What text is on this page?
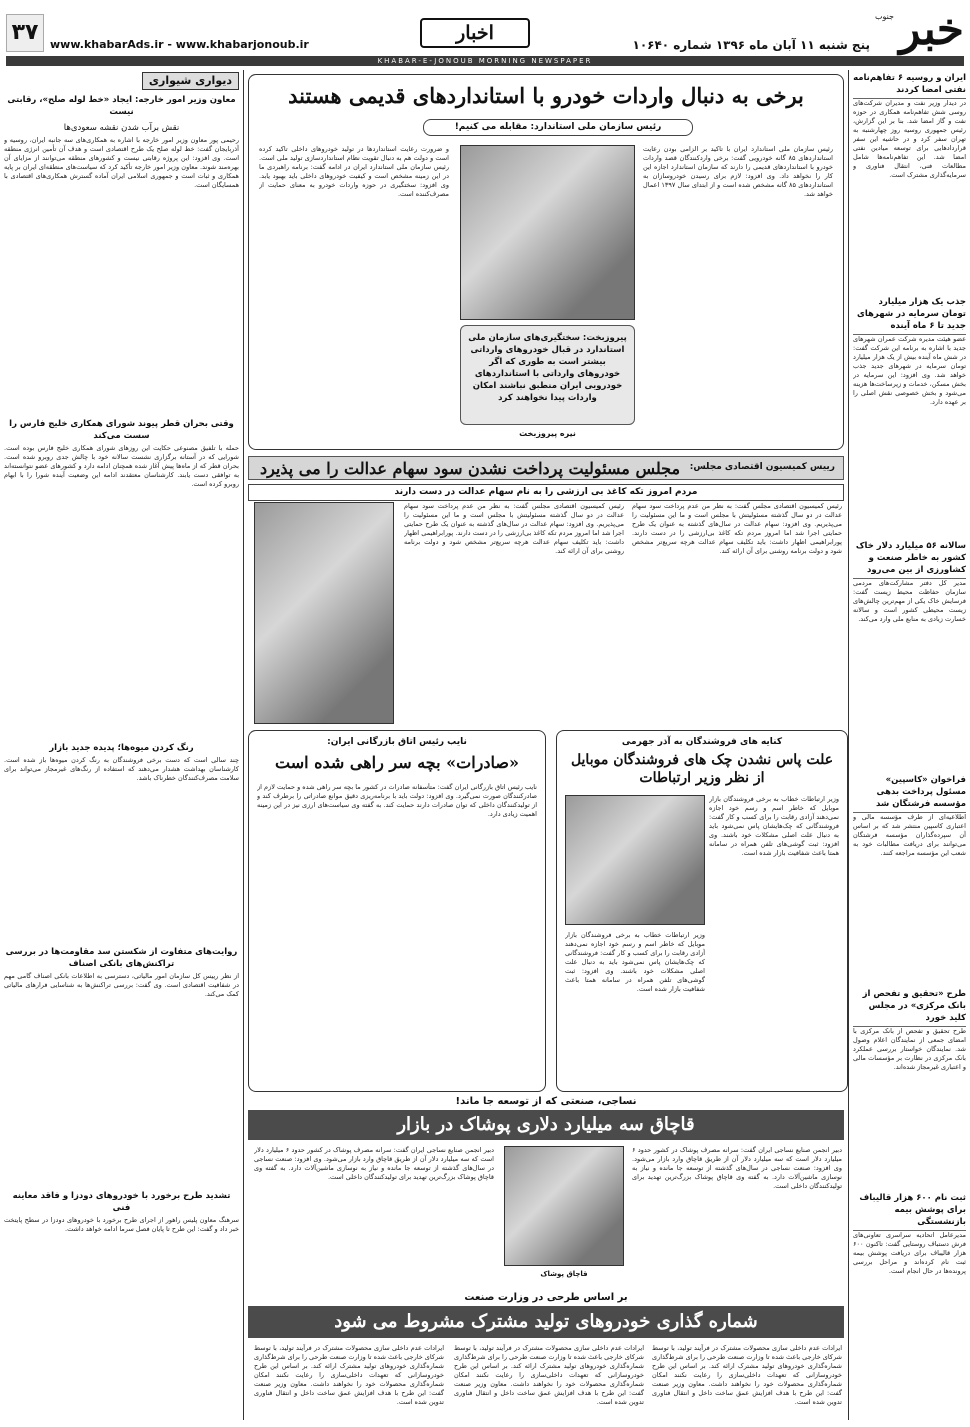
جنوب خبر
پنج شنبه ۱۱ آبان ماه ۱۳۹۶ شماره ۱۰۶۴۰
اخبار
www.khabarAds.ir - www.khabarjonoub.ir
۳۷
KHABAR-E-JONOUB MORNING NEWSPAPER
ایران و روسیه ۶ تفاهم‌نامه نفتی امضا کردند
در دیدار وزیر نفت و مدیران شرکت‌های روسی شش تفاهم‌نامه همکاری در حوزه نفت و گاز امضا شد. بنا بر این گزارش، رئیس جمهوری روسیه روز چهارشنبه به تهران سفر کرد و در حاشیه این سفر قراردادهایی برای توسعه میادین نفتی امضا شد. این تفاهم‌نامه‌ها شامل مطالعات فنی، انتقال فناوری و سرمایه‌گذاری مشترک است.
جذب یک هزار میلیارد تومان سرمایه در شهرهای جدید تا ۶ ماه آینده
عضو هیئت مدیره شرکت عمران شهرهای جدید با اشاره به برنامه این شرکت گفت: در شش ماه آینده بیش از یک هزار میلیارد تومان سرمایه در شهرهای جدید جذب خواهد شد. وی افزود: این سرمایه در بخش مسکن، خدمات و زیرساخت‌ها هزینه می‌شود و بخش خصوصی نقش اصلی را بر عهده دارد.
سالانه ۵۶ میلیارد دلار خاک کشور به خاطر صنعت و کشاورزی از بین می‌رود
مدیر کل دفتر مشارکت‌های مردمی سازمان حفاظت محیط زیست گفت: فرسایش خاک یکی از مهم‌ترین چالش‌های زیست محیطی کشور است و سالانه خسارت زیادی به منابع ملی وارد می‌کند.
فراخوان «کاسپین» مسئول پرداخت بدهی مؤسسه فرشتگان شد
اطلاعیه‌ای از طرف مؤسسه مالی و اعتباری کاسپین منتشر شد که بر اساس آن سپرده‌گذاران مؤسسه فرشتگان می‌توانند برای دریافت مطالبات خود به شعب این مؤسسه مراجعه کنند.
طرح «تحقیق و تفحص از بانک مرکزی» در مجلس کلید خورد
طرح تحقیق و تفحص از بانک مرکزی با امضای جمعی از نمایندگان اعلام وصول شد. نمایندگان خواستار بررسی عملکرد بانک مرکزی در نظارت بر مؤسسات مالی و اعتباری غیرمجاز شده‌اند.
ثبت نام ۶۰۰ هزار قالیباف برای پوشش بیمه بازنشستگی
مدیرعامل اتحادیه سراسری تعاونی‌های فرش دستباف روستایی گفت: تاکنون ۶۰۰ هزار قالیباف برای دریافت پوشش بیمه ثبت نام کرده‌اند و مراحل بررسی پرونده‌ها در حال انجام است.
دیواری شیواری
معاون وزیر امور خارجه: ایجاد «خط لوله صلح»، رقابتی نیست
نقش برآب شدن نقشه سعودی‌ها
رحیمی پور معاون وزیر امور خارجه با اشاره به همکاری‌های سه جانبه ایران، روسیه و آذربایجان گفت: خط لوله صلح یک طرح اقتصادی است و هدف آن تأمین انرژی منطقه است. وی افزود: این پروژه رقابتی نیست و کشورهای منطقه می‌توانند از مزایای آن بهره‌مند شوند. معاون وزیر امور خارجه تأکید کرد که سیاست‌های منطقه‌ای ایران بر پایه همکاری و ثبات است و جمهوری اسلامی ایران آماده گسترش همکاری‌های اقتصادی با همسایگان است.
وقتی بحران قطر پیوند شورای همکاری خلیج فارس را سست می‌کند
حمله با تلفیق مصنوعی حکایت این روزهای شورای همکاری خلیج فارس بوده است. شورایی که در آستانه برگزاری نشست سالانه خود با چالش جدی روبرو شده است. بحران قطر که از ماه‌ها پیش آغاز شده همچنان ادامه دارد و کشورهای عضو نتوانسته‌اند به توافقی دست یابند. کارشناسان معتقدند ادامه این وضعیت آینده شورا را با ابهام روبرو کرده است.
رنگ کردن میوه‌ها؛ پدیده جدید بازار
چند سالی است که دست برخی فروشندگان به رنگ کردن میوه‌ها باز شده است. کارشناسان بهداشت هشدار می‌دهند که استفاده از رنگ‌های غیرمجاز می‌تواند برای سلامت مصرف‌کنندگان خطرناک باشد.
روایت‌های متفاوت از شکستن سد مقاومت‌ها در بررسی تراکنش‌های بانکی اصناف
از نظر رییس کل سازمان امور مالیاتی، دسترسی به اطلاعات بانکی اصناف گامی مهم در شفافیت اقتصادی است. وی گفت: بررسی تراکنش‌ها به شناسایی فرارهای مالیاتی کمک می‌کند.
تشدید طرح برخورد با خودروهای دودزا و فاقد معاینه فنی
سرهنگ معاون پلیس راهور از اجرای طرح برخورد با خودروهای دودزا در سطح پایتخت خبر داد و گفت: این طرح تا پایان فصل سرما ادامه خواهد داشت.
برخی به دنبال واردات خودرو با استانداردهای قدیمی هستند
رئیس سازمان ملی استاندارد: مقابله می کنیم!
رئیس سازمان ملی استاندارد ایران با تاکید بر الزامی بودن رعایت استانداردهای ۸۵ گانه خودرویی گفت: برخی واردکنندگان قصد واردات خودرو با استانداردهای قدیمی را دارند که سازمان استاندارد اجازه این کار را نخواهد داد. وی افزود: لازم برای رسیدن خودروسازان به استانداردهای ۸۵ گانه مشخص شده است و از ابتدای سال ۱۳۹۷ اعمال خواهد شد.
پیروزبخت: سختگیری‌های سازمان ملی استاندارد در قبال خودروهای وارداتی بیشتر است به طوری که اگر خودروهای وارداتی با استانداردهای خودرویی ایران منطبق نباشند امکان واردات پیدا نخواهند کرد
نیره پیروزبخت
و ضرورت رعایت استانداردها در تولید خودروهای داخلی تاکید کرده است و دولت هم به دنبال تقویت نظام استانداردسازی تولید ملی است. رئیس سازمان ملی استاندارد ایران در ادامه گفت: برنامه راهبردی ما در این زمینه مشخص است و کیفیت خودروهای داخلی باید بهبود یابد. وی افزود: سختگیری در حوزه واردات خودرو به معنای حمایت از مصرف‌کننده است.
رییس کمیسیون اقتصادی مجلس:
مجلس مسئولیت پرداخت نشدن سود سهام عدالت را می پذیرد
مردم امروز تکه کاغذ بی ارزشی را به نام سهام عدالت در دست دارند
رئیس کمیسیون اقتصادی مجلس گفت: به نظر من عدم پرداخت سود سهام عدالت در دو سال گذشته مسئولیتش با مجلس است و ما این مسئولیت را می‌پذیریم. وی افزود: سهام عدالت در سال‌های گذشته به عنوان یک طرح حمایتی اجرا شد اما امروز مردم تکه کاغذ بی‌ارزشی را در دست دارند. پورابراهیمی اظهار داشت: باید تکلیف سهام عدالت هرچه سریع‌تر مشخص شود و دولت برنامه روشنی برای آن ارائه کند.
رئیس کمیسیون اقتصادی مجلس گفت: به نظر من عدم پرداخت سود سهام عدالت در دو سال گذشته مسئولیتش با مجلس است و ما این مسئولیت را می‌پذیریم. وی افزود: سهام عدالت در سال‌های گذشته به عنوان یک طرح حمایتی اجرا شد اما امروز مردم تکه کاغذ بی‌ارزشی را در دست دارند. پورابراهیمی اظهار داشت: باید تکلیف سهام عدالت هرچه سریع‌تر مشخص شود و دولت برنامه روشنی برای آن ارائه کند.
کنایه های فروشندگان به آذر جهرمی
علت پاس نشدن چک های فروشندگان موبایل از نظر وزیر ارتباطات
وزیر ارتباطات خطاب به برخی فروشندگان بازار موبایل که خاطر اسم و رسم خود اجازه نمی‌دهند آزادی رقابت را برای کسب و کار گفت: فروشندگانی که چک‌هایشان پاس نمی‌شود باید به دنبال علت اصلی مشکلات خود باشند. وی افزود: ثبت گوشی‌های تلفن همراه در سامانه همتا باعث شفافیت بازار شده است.
وزیر ارتباطات خطاب به برخی فروشندگان بازار موبایل که خاطر اسم و رسم خود اجازه نمی‌دهند آزادی رقابت را برای کسب و کار گفت: فروشندگانی که چک‌هایشان پاس نمی‌شود باید به دنبال علت اصلی مشکلات خود باشند. وی افزود: ثبت گوشی‌های تلفن همراه در سامانه همتا باعث شفافیت بازار شده است.
نایب رئیس اتاق بازرگانی ایران:
«صادرات» بچه سر راهی شده است
نایب رئیس اتاق بازرگانی ایران گفت: متأسفانه صادرات در کشور ما بچه سر راهی شده و حمایت لازم از صادرکنندگان صورت نمی‌گیرد. وی افزود: دولت باید با برنامه‌ریزی دقیق موانع صادراتی را برطرف کند و از تولیدکنندگان داخلی که توان صادرات دارند حمایت کند. به گفته وی سیاست‌های ارزی نیز در این زمینه اهمیت زیادی دارد.
نساجی، صنعتی که از توسعه جا ماند!
قاچاق سه میلیارد دلاری پوشاک در بازار
دبیر انجمن صنایع نساجی ایران گفت: سرانه مصرف پوشاک در کشور حدود ۶ میلیارد دلار است که سه میلیارد دلار آن از طریق قاچاق وارد بازار می‌شود. وی افزود: صنعت نساجی در سال‌های گذشته از توسعه جا مانده و نیاز به نوسازی ماشین‌آلات دارد. به گفته وی قاچاق پوشاک بزرگ‌ترین تهدید برای تولیدکنندگان داخلی است.
قاچاق پوشاک
دبیر انجمن صنایع نساجی ایران گفت: سرانه مصرف پوشاک در کشور حدود ۶ میلیارد دلار است که سه میلیارد دلار آن از طریق قاچاق وارد بازار می‌شود. وی افزود: صنعت نساجی در سال‌های گذشته از توسعه جا مانده و نیاز به نوسازی ماشین‌آلات دارد. به گفته وی قاچاق پوشاک بزرگ‌ترین تهدید برای تولیدکنندگان داخلی است.
بر اساس طرحی در وزارت صنعت
شماره گذاری خودروهای تولید مشترک مشروط می شود
ایرادات عدم داخلی سازی محصولات مشترک در فرآیند تولید، با توسط شرکای خارجی باعث شده تا وزارت صنعت طرحی را برای شرط‌گذاری شماره‌گذاری خودروهای تولید مشترک ارائه کند. بر اساس این طرح خودروسازانی که تعهدات داخلی‌سازی را رعایت نکنند امکان شماره‌گذاری محصولات خود را نخواهند داشت. معاون وزیر صنعت گفت: این طرح با هدف افزایش عمق ساخت داخل و انتقال فناوری تدوین شده است.
ایرادات عدم داخلی سازی محصولات مشترک در فرآیند تولید، با توسط شرکای خارجی باعث شده تا وزارت صنعت طرحی را برای شرط‌گذاری شماره‌گذاری خودروهای تولید مشترک ارائه کند. بر اساس این طرح خودروسازانی که تعهدات داخلی‌سازی را رعایت نکنند امکان شماره‌گذاری محصولات خود را نخواهند داشت. معاون وزیر صنعت گفت: این طرح با هدف افزایش عمق ساخت داخل و انتقال فناوری تدوین شده است.
ایرادات عدم داخلی سازی محصولات مشترک در فرآیند تولید، با توسط شرکای خارجی باعث شده تا وزارت صنعت طرحی را برای شرط‌گذاری شماره‌گذاری خودروهای تولید مشترک ارائه کند. بر اساس این طرح خودروسازانی که تعهدات داخلی‌سازی را رعایت نکنند امکان شماره‌گذاری محصولات خود را نخواهند داشت. معاون وزیر صنعت گفت: این طرح با هدف افزایش عمق ساخت داخل و انتقال فناوری تدوین شده است.
